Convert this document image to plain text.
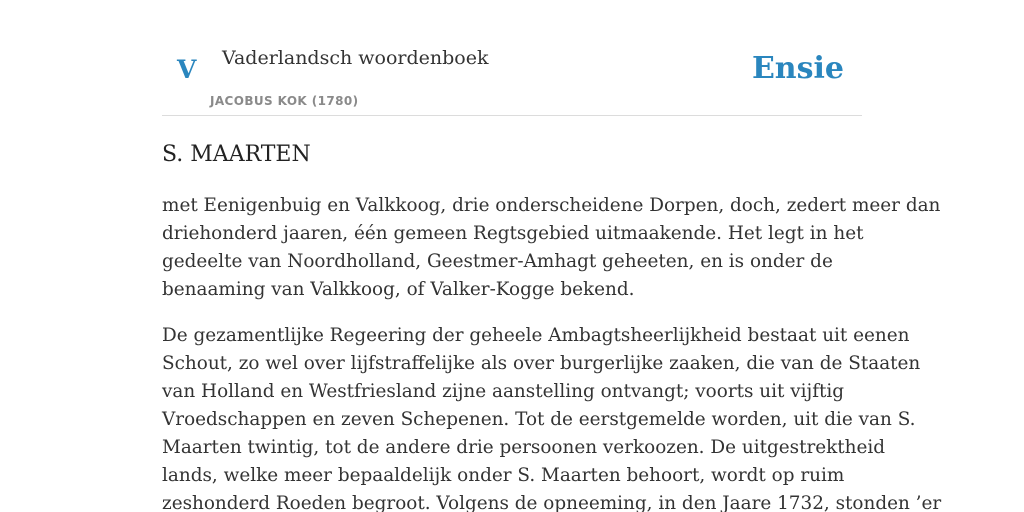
V Vaderlandsch woordenboek
JACOBUS KOK (1780)
Ensie
S. MAARTEN

met Eenigenbuig en Valkkoog, drie onderscheidene Dorpen, doch, zedert meer dan
driehonderd jaaren, één gemeen Regtsgebied uitmaakende. Het legt in het
gedeelte van Noordholland, Geestmer-Amhagt geheeten, en is onder de
benaaming van Valkkoog, of Valker-Kogge bekend.

De gezamentlijke Regeering der geheele Ambagtsheerlijkheid bestaat uit eenen
Schout, zo wel over lijfstraffelijke als over burgerlijke zaaken, die van de Staaten
van Holland en Westfriesland zijne aanstelling ontvangt; voorts uit vijftig
Vroedschappen en zeven Schepenen. Tot de eerstgemelde worden, uit die van S.
Maarten twintig, tot de andere drie persoonen verkoozen. De uitgestrektheid
lands, welke meer bepaaldelijk onder S. Maarten behoort, wordt op ruim
zeshonderd Roeden begroot. Volgens de opneeming, in den Jaare 1732, stonden ’er
